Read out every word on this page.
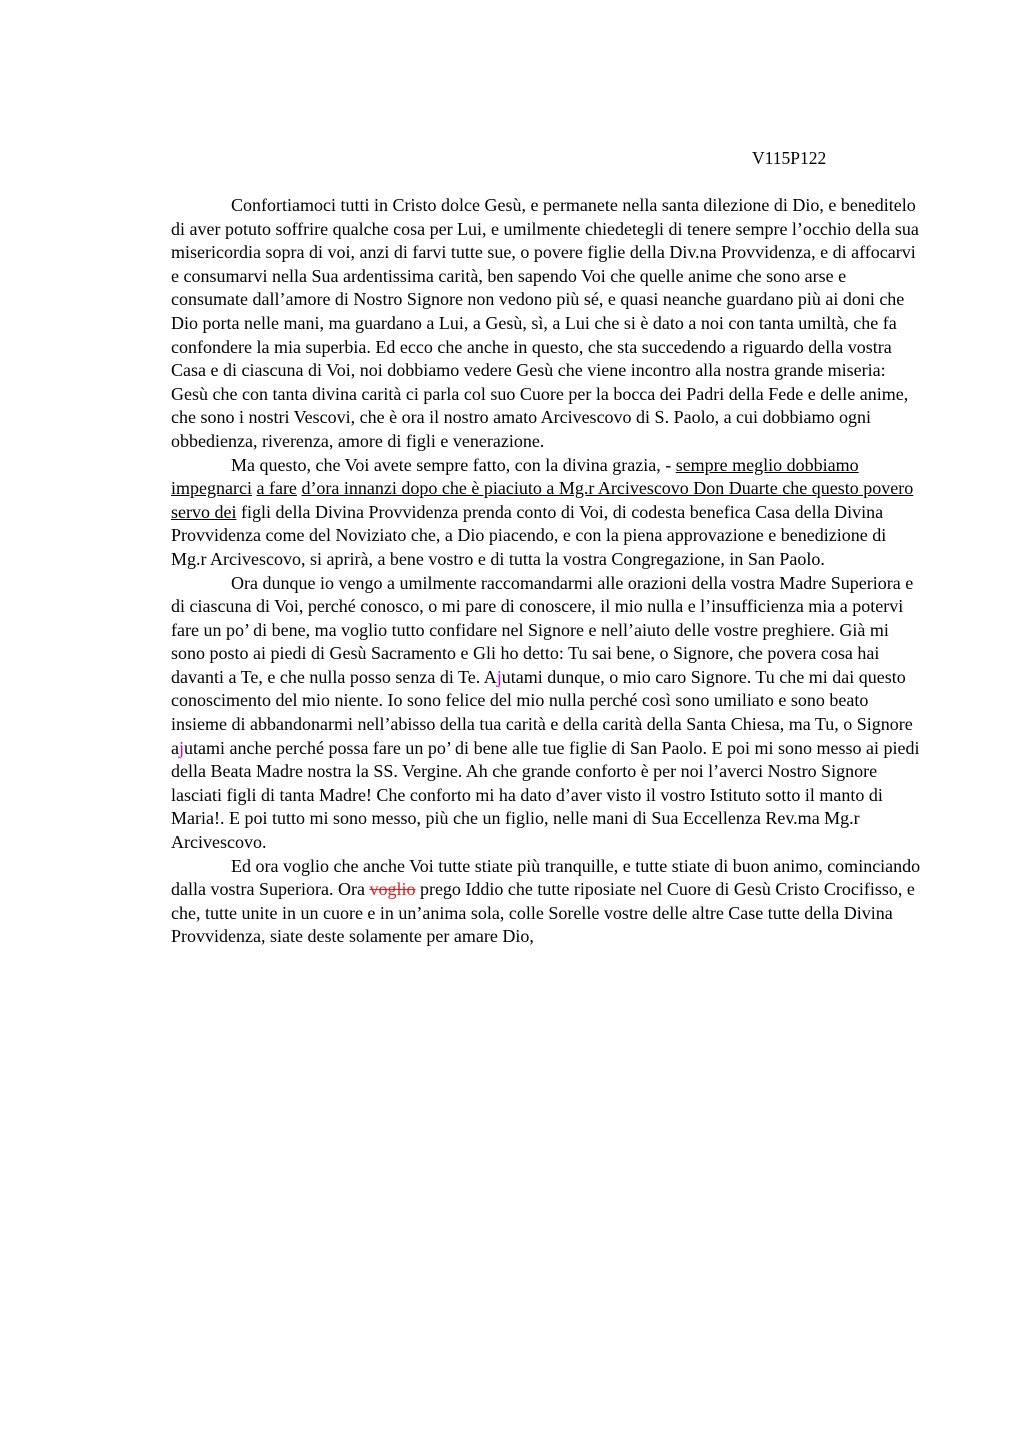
V115P122

Confortiamoci tutti in Cristo dolce Gesù, e permanete nella santa dilezione di Dio, e beneditelo di aver potuto soffrire qualche cosa per Lui, e umilmente chiedetegli di tenere sempre l’occhio della sua misericordia sopra di voi, anzi di farvi tutte sue, o povere figlie della Div.na Provvidenza, e di affocarvi e consumarvi nella Sua ardentissima carità, ben sapendo Voi che quelle anime che sono arse e consumate dall’amore di Nostro Signore non vedono più sé, e quasi neanche guardano più ai doni che Dio porta nelle mani, ma guardano a Lui, a Gesù, sì, a Lui che si è dato a noi con tanta umiltà, che fa confondere la mia superbia. Ed ecco che anche in questo, che sta succedendo a riguardo della vostra Casa e di ciascuna di Voi, noi dobbiamo vedere Gesù che viene incontro alla nostra grande miseria: Gesù che con tanta divina carità ci parla col suo Cuore per la bocca dei Padri della Fede e delle anime, che sono i nostri Vescovi, che è ora il nostro amato Arcivescovo di S. Paolo, a cui dobbiamo ogni obbedienza, riverenza, amore di figli e venerazione.

Ma questo, che Voi avete sempre fatto, con la divina grazia, - sempre meglio dobbiamo impegnarci a fare d’ora innanzi dopo che è piaciuto a Mg.r Arcivescovo Don Duarte che questo povero servo dei figli della Divina Provvidenza prenda conto di Voi, di codesta benefica Casa della Divina Provvidenza come del Noviziato che, a Dio piacendo, e con la piena approvazione e benedizione di Mg.r Arcivescovo, si aprirà, a bene vostro e di tutta la vostra Congregazione, in San Paolo.

Ora dunque io vengo a umilmente raccomandarmi alle orazioni della vostra Madre Superiora e di ciascuna di Voi, perché conosco, o mi pare di conoscere, il mio nulla e l’insufficienza mia a potervi fare un po’ di bene, ma voglio tutto confidare nel Signore e nell’aiuto delle vostre preghiere. Già mi sono posto ai piedi di Gesù Sacramento e Gli ho detto: Tu sai bene, o Signore, che povera cosa hai davanti a Te, e che nulla posso senza di Te. Ajutami dunque, o mio caro Signore. Tu che mi dai questo conoscimento del mio niente. Io sono felice del mio nulla perché così sono umiliato e sono beato insieme di abbandonarmi nell’abisso della tua carità e della carità della Santa Chiesa, ma Tu, o Signore ajutami anche perché possa fare un po’ di bene alle tue figlie di San Paolo. E poi mi sono messo ai piedi della Beata Madre nostra la SS. Vergine. Ah che grande conforto è per noi l’averci Nostro Signore lasciati figli di tanta Madre! Che conforto mi ha dato d’aver visto il vostro Istituto sotto il manto di Maria!. E poi tutto mi sono messo, più che un figlio, nelle mani di Sua Eccellenza Rev.ma Mg.r Arcivescovo.

Ed ora voglio che anche Voi tutte stiate più tranquille, e tutte stiate di buon animo, cominciando dalla vostra Superiora. Ora voglio prego Iddio che tutte riposiate nel Cuore di Gesù Cristo Crocifisso, e che, tutte unite in un cuore e in un’anima sola, colle Sorelle vostre delle altre Case tutte della Divina Provvidenza, siate deste solamente per amare Dio,
